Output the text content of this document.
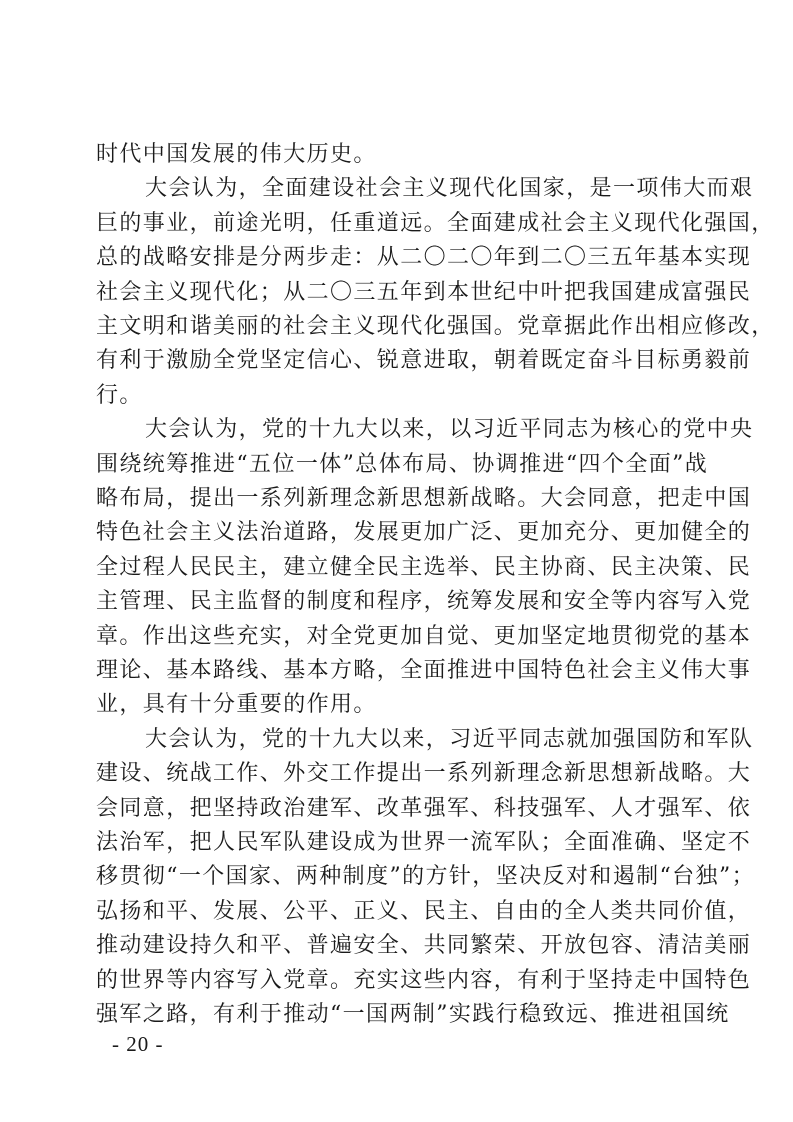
时代中国发展的伟大历史。
大会认为，全面建设社会主义现代化国家，是一项伟大而艰
巨的事业，前途光明，任重道远。全面建成社会主义现代化强国，
总的战略安排是分两步走：从二〇二〇年到二〇三五年基本实现
社会主义现代化；从二〇三五年到本世纪中叶把我国建成富强民
主文明和谐美丽的社会主义现代化强国。党章据此作出相应修改，
有利于激励全党坚定信心、锐意进取，朝着既定奋斗目标勇毅前
行。
大会认为，党的十九大以来，以习近平同志为核心的党中央
围绕统筹推进“五位一体”总体布局、协调推进“四个全面”战
略布局，提出一系列新理念新思想新战略。大会同意，把走中国
特色社会主义法治道路，发展更加广泛、更加充分、更加健全的
全过程人民民主，建立健全民主选举、民主协商、民主决策、民
主管理、民主监督的制度和程序，统筹发展和安全等内容写入党
章。作出这些充实，对全党更加自觉、更加坚定地贯彻党的基本
理论、基本路线、基本方略，全面推进中国特色社会主义伟大事
业，具有十分重要的作用。
大会认为，党的十九大以来，习近平同志就加强国防和军队
建设、统战工作、外交工作提出一系列新理念新思想新战略。大
会同意，把坚持政治建军、改革强军、科技强军、人才强军、依
法治军，把人民军队建设成为世界一流军队；全面准确、坚定不
移贯彻“一个国家、两种制度”的方针，坚决反对和遏制“台独”；
弘扬和平、发展、公平、正义、民主、自由的全人类共同价值，
推动建设持久和平、普遍安全、共同繁荣、开放包容、清洁美丽
的世界等内容写入党章。充实这些内容，有利于坚持走中国特色
强军之路，有利于推动“一国两制”实践行稳致远、推进祖国统
- 20 -
